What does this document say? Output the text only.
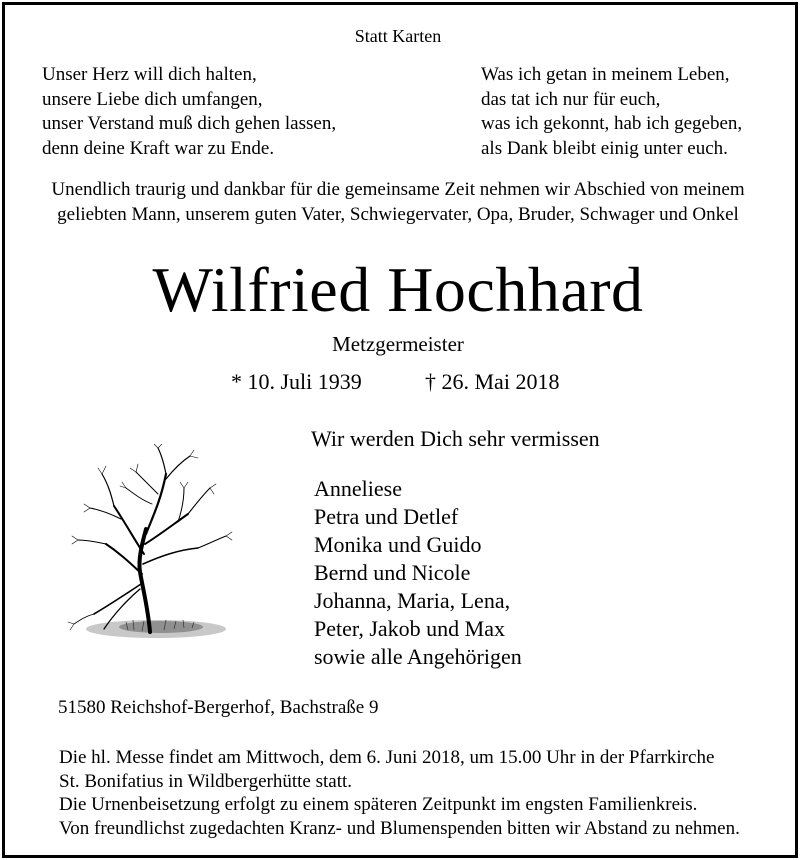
Statt Karten
Unser Herz will dich halten,
unsere Liebe dich umfangen,
unser Verstand muß dich gehen lassen,
denn deine Kraft war zu Ende.
Was ich getan in meinem Leben,
das tat ich nur für euch,
was ich gekonnt, hab ich gegeben,
als Dank bleibt einig unter euch.
Unendlich traurig und dankbar für die gemeinsame Zeit nehmen wir Abschied von meinem
geliebten Mann, unserem guten Vater, Schwiegervater, Opa, Bruder, Schwager und Onkel
Wilfried Hochhard
Metzgermeister
* 10. Juli 1939	† 26. Mai 2018
Wir werden Dich sehr vermissen
Anneliese
Petra und Detlef
Monika und Guido
Bernd und Nicole
Johanna, Maria, Lena,
Peter, Jakob und Max
sowie alle Angehörigen
51580 Reichshof-Bergerhof, Bachstraße 9
Die hl. Messe findet am Mittwoch, dem 6. Juni 2018, um 15.00 Uhr in der Pfarrkirche
St. Bonifatius in Wildbergerhütte statt.
Die Urnenbeisetzung erfolgt zu einem späteren Zeitpunkt im engsten Familienkreis.
Von freundlichst zugedachten Kranz- und Blumenspenden bitten wir Abstand zu nehmen.
